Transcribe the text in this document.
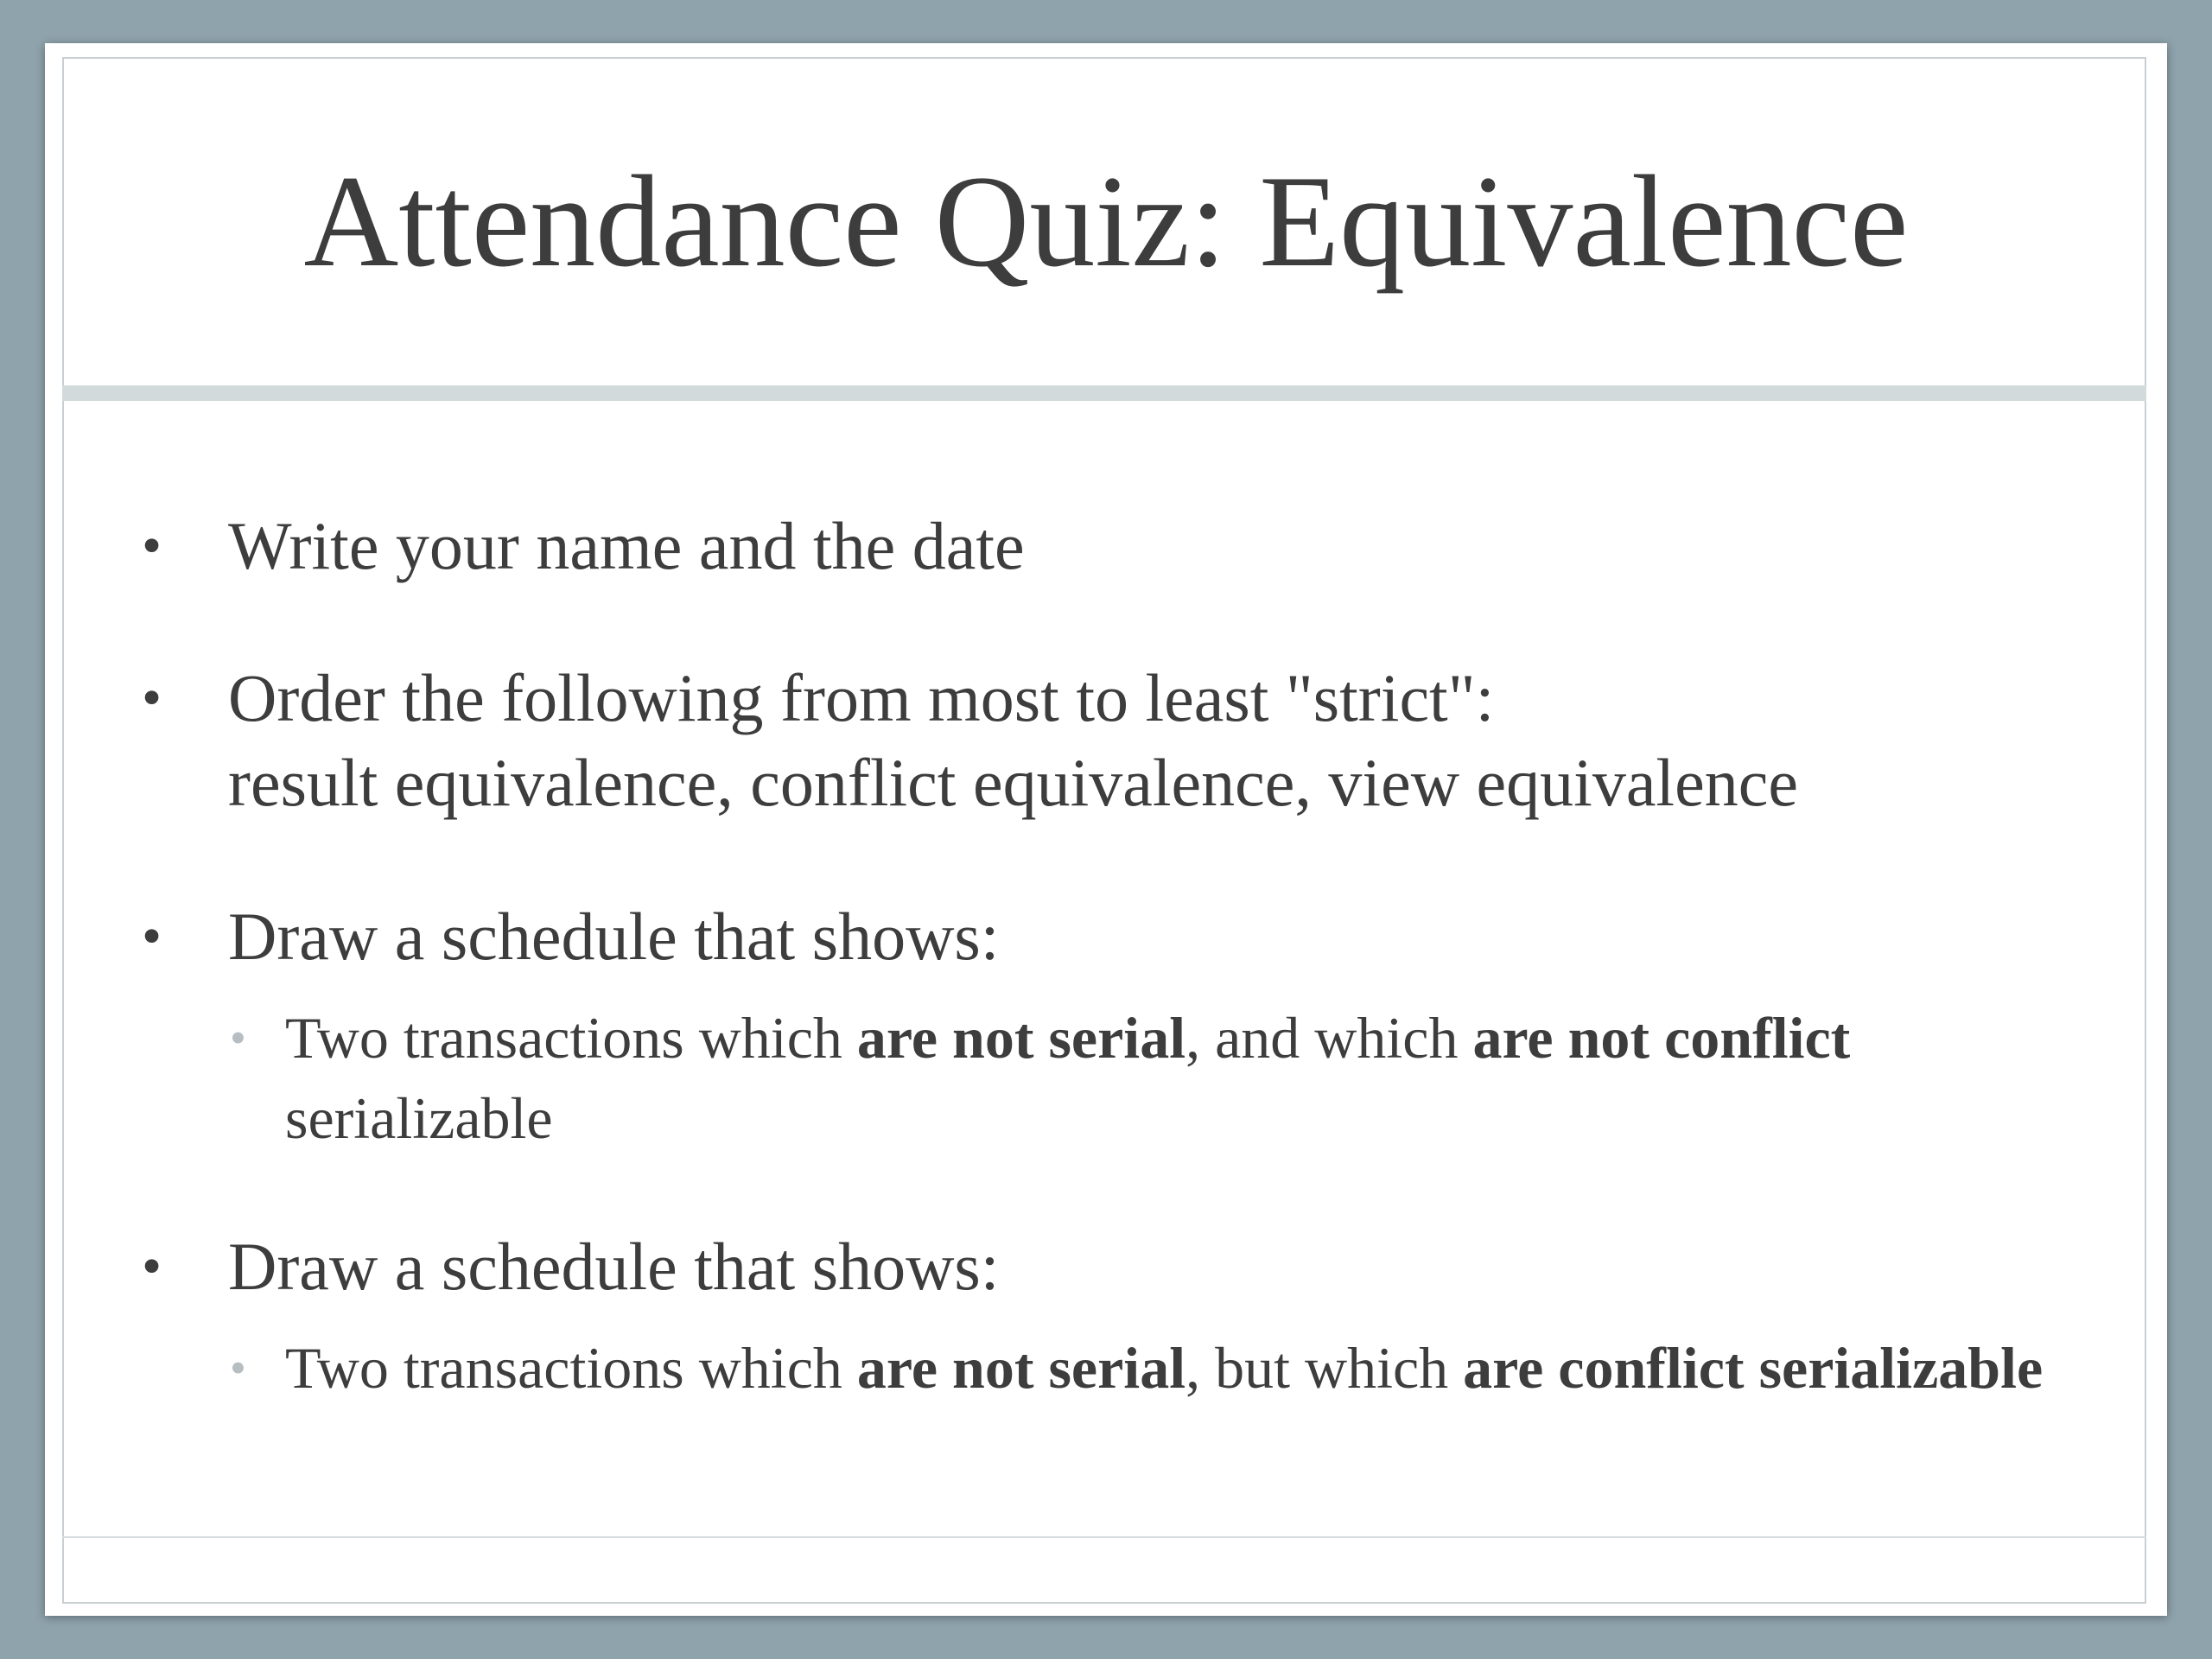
Attendance Quiz: Equivalence
• Write your name and the date
• Order the following from most to least "strict":
result equivalence, conflict equivalence, view equivalence
• Draw a schedule that shows:
• Two transactions which are not serial, and which are not conflict serializable
• Draw a schedule that shows:
• Two transactions which are not serial, but which are conflict serializable
